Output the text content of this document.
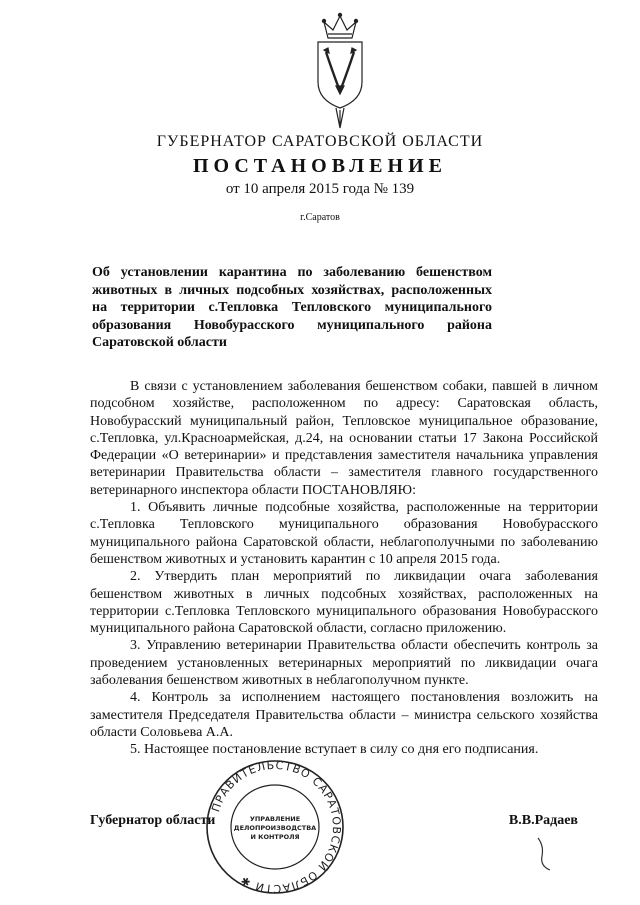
ГУБЕРНАТОР САРАТОВСКОЙ ОБЛАСТИ
ПОСТАНОВЛЕНИЕ
от 10 апреля 2015 года № 139
г.Саратов
Об установлении карантина по заболеванию бешенством животных в личных подсобных хозяйствах, расположенных на территории с.Тепловка Тепловского муниципального образования Новобурасского муниципального района Саратовской области

В связи с установлением заболевания бешенством собаки, павшей в личном подсобном хозяйстве, расположенном по адресу: Саратовская область, Новобурасский муниципальный район, Тепловское муниципальное образование, с.Тепловка, ул.Красноармейская, д.24, на основании статьи 17 Закона Российской Федерации «О ветеринарии» и представления заместителя начальника управления ветеринарии Правительства области – заместителя главного государственного ветеринарного инспектора области ПОСТАНОВЛЯЮ:

1. Объявить личные подсобные хозяйства, расположенные на территории с.Тепловка Тепловского муниципального образования Новобурасского муниципального района Саратовской области, неблагополучными по заболеванию бешенством животных и установить карантин с 10 апреля 2015 года.

2. Утвердить план мероприятий по ликвидации очага заболевания бешенством животных в личных подсобных хозяйствах, расположенных на территории с.Тепловка Тепловского муниципального образования Новобурасского муниципального района Саратовской области, согласно приложению.

3. Управлению ветеринарии Правительства области обеспечить контроль за проведением установленных ветеринарных мероприятий по ликвидации очага заболевания бешенством животных в неблагополучном пункте.

4. Контроль за исполнением настоящего постановления возложить на заместителя Председателя Правительства области – министра сельского хозяйства области Соловьева А.А.

5. Настоящее постановление вступает в силу со дня его подписания.

Губернатор области	В.В.Радаев
ПРАВИТЕЛЬСТВО САРАТОВСКОЙ ОБЛАСТИ ✱
УПРАВЛЕНИЕ
ДЕЛОПРОИЗВОДСТВА
И КОНТРОЛЯ
